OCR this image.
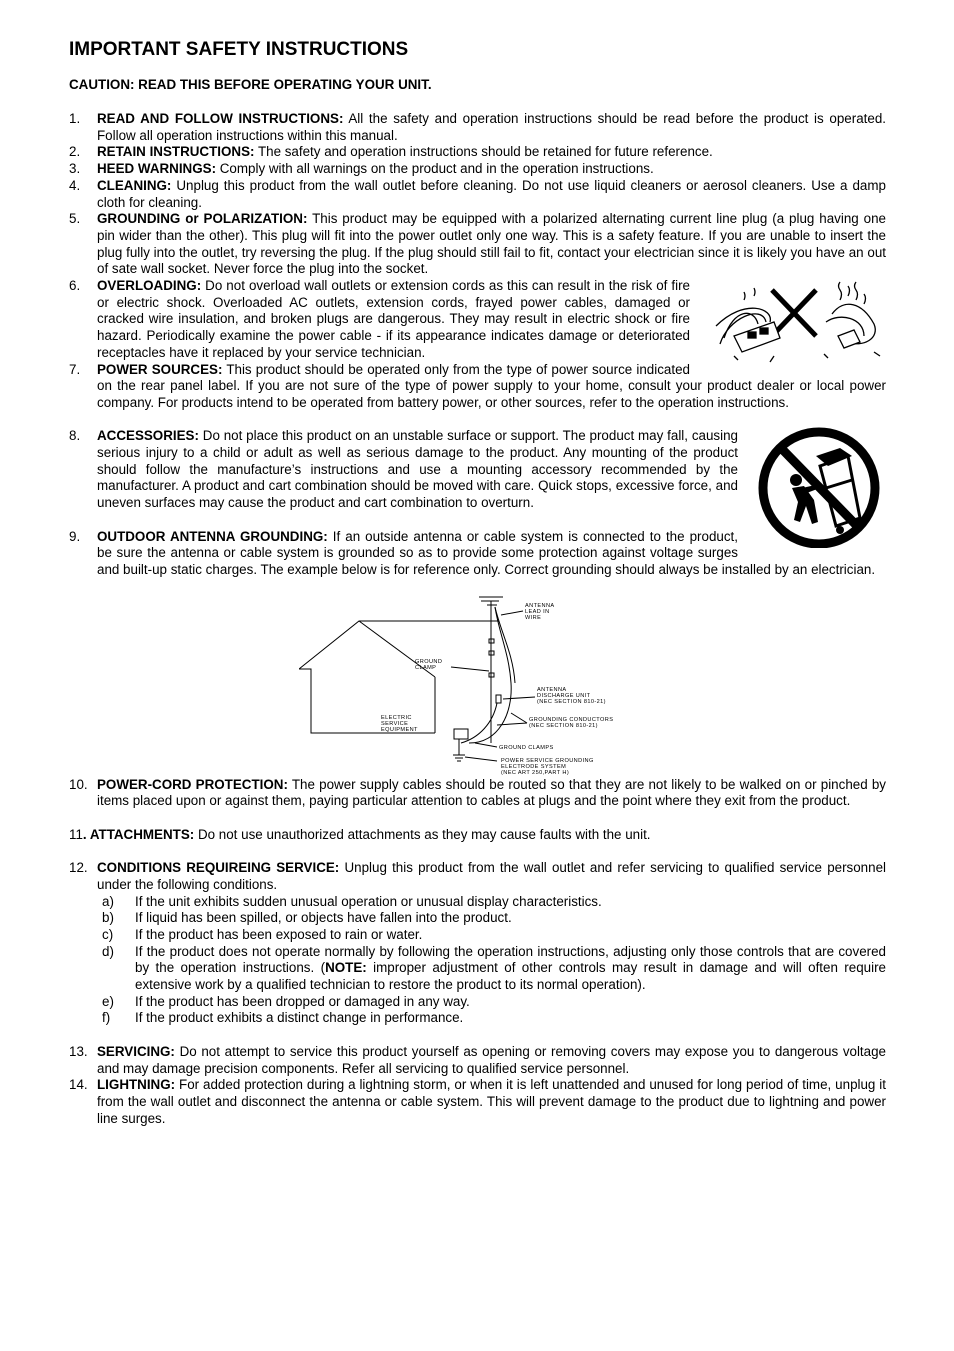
IMPORTANT SAFETY INSTRUCTIONS
CAUTION: READ THIS BEFORE OPERATING YOUR UNIT.
1. READ AND FOLLOW INSTRUCTIONS: All the safety and operation instructions should be read before the product is operated. Follow all operation instructions within this manual.
2. RETAIN INSTRUCTIONS: The safety and operation instructions should be retained for future reference.
3. HEED WARNINGS: Comply with all warnings on the product and in the operation instructions.
4. CLEANING: Unplug this product from the wall outlet before cleaning. Do not use liquid cleaners or aerosol cleaners. Use a damp cloth for cleaning.
5. GROUNDING or POLARIZATION: This product may be equipped with a polarized alternating current line plug (a plug having one pin wider than the other). This plug will fit into the power outlet only one way. This is a safety feature. If you are unable to insert the plug fully into the outlet, try reversing the plug. If the plug should still fail to fit, contact your electrician since it is likely you have an out of sate wall socket. Never force the plug into the socket.
6. OVERLOADING: Do not overload wall outlets or extension cords as this can result in the risk of fire or electric shock. Overloaded AC outlets, extension cords, frayed power cables, damaged or cracked wire insulation, and broken plugs are dangerous. They may result in electric shock or fire hazard. Periodically examine the power cable - if its appearance indicates damage or deteriorated receptacles have it replaced by your service technician.
7. POWER SOURCES: This product should be operated only from the type of power source indicated on the rear panel label. If you are not sure of the type of power supply to your home, consult your product dealer or local power company. For products intend to be operated from battery power, or other sources, refer to the operation instructions.
8. ACCESSORIES: Do not place this product on an unstable surface or support. The product may fall, causing serious injury to a child or adult as well as serious damage to the product. Any mounting of the product should follow the manufacture’s instructions and use a mounting accessory recommended by the manufacturer. A product and cart combination should be moved with care. Quick stops, excessive force, and uneven surfaces may cause the product and cart combination to overturn.
9. OUTDOOR ANTENNA GROUNDING: If an outside antenna or cable system is connected to the product, be sure the antenna or cable system is grounded so as to provide some protection against voltage surges and built-up static charges. The example below is for reference only. Correct grounding should always be installed by an electrician.
ANTENNA LEAD IN WIRE
GROUND CLAMP
ANTENNA DISCHARGE UNIT (NEC SECTION 810-21)
ELECTRIC SERVICE EQUIPMENT
GROUNDING CONDUCTORS (NEC SECTION 810-21)
GROUND CLAMPS
POWER SERVICE GROUNDING ELECTRODE SYSTEM (NEC ART 250,PART H)
10. POWER-CORD PROTECTION: The power supply cables should be routed so that they are not likely to be walked on or pinched by items placed upon or against them, paying particular attention to cables at plugs and the point where they exit from the product.
11. ATTACHMENTS: Do not use unauthorized attachments as they may cause faults with the unit.
12. CONDITIONS REQUIREING SERVICE: Unplug this product from the wall outlet and refer servicing to qualified service personnel under the following conditions.
a) If the unit exhibits sudden unusual operation or unusual display characteristics.
b) If liquid has been spilled, or objects have fallen into the product.
c) If the product has been exposed to rain or water.
d) If the product does not operate normally by following the operation instructions, adjusting only those controls that are covered by the operation instructions. (NOTE: improper adjustment of other controls may result in damage and will often require extensive work by a qualified technician to restore the product to its normal operation).
e) If the product has been dropped or damaged in any way.
f) If the product exhibits a distinct change in performance.
13. SERVICING: Do not attempt to service this product yourself as opening or removing covers may expose you to dangerous voltage and may damage precision components. Refer all servicing to qualified service personnel.
14. LIGHTNING: For added protection during a lightning storm, or when it is left unattended and unused for long period of time, unplug it from the wall outlet and disconnect the antenna or cable system. This will prevent damage to the product due to lightning and power line surges.
